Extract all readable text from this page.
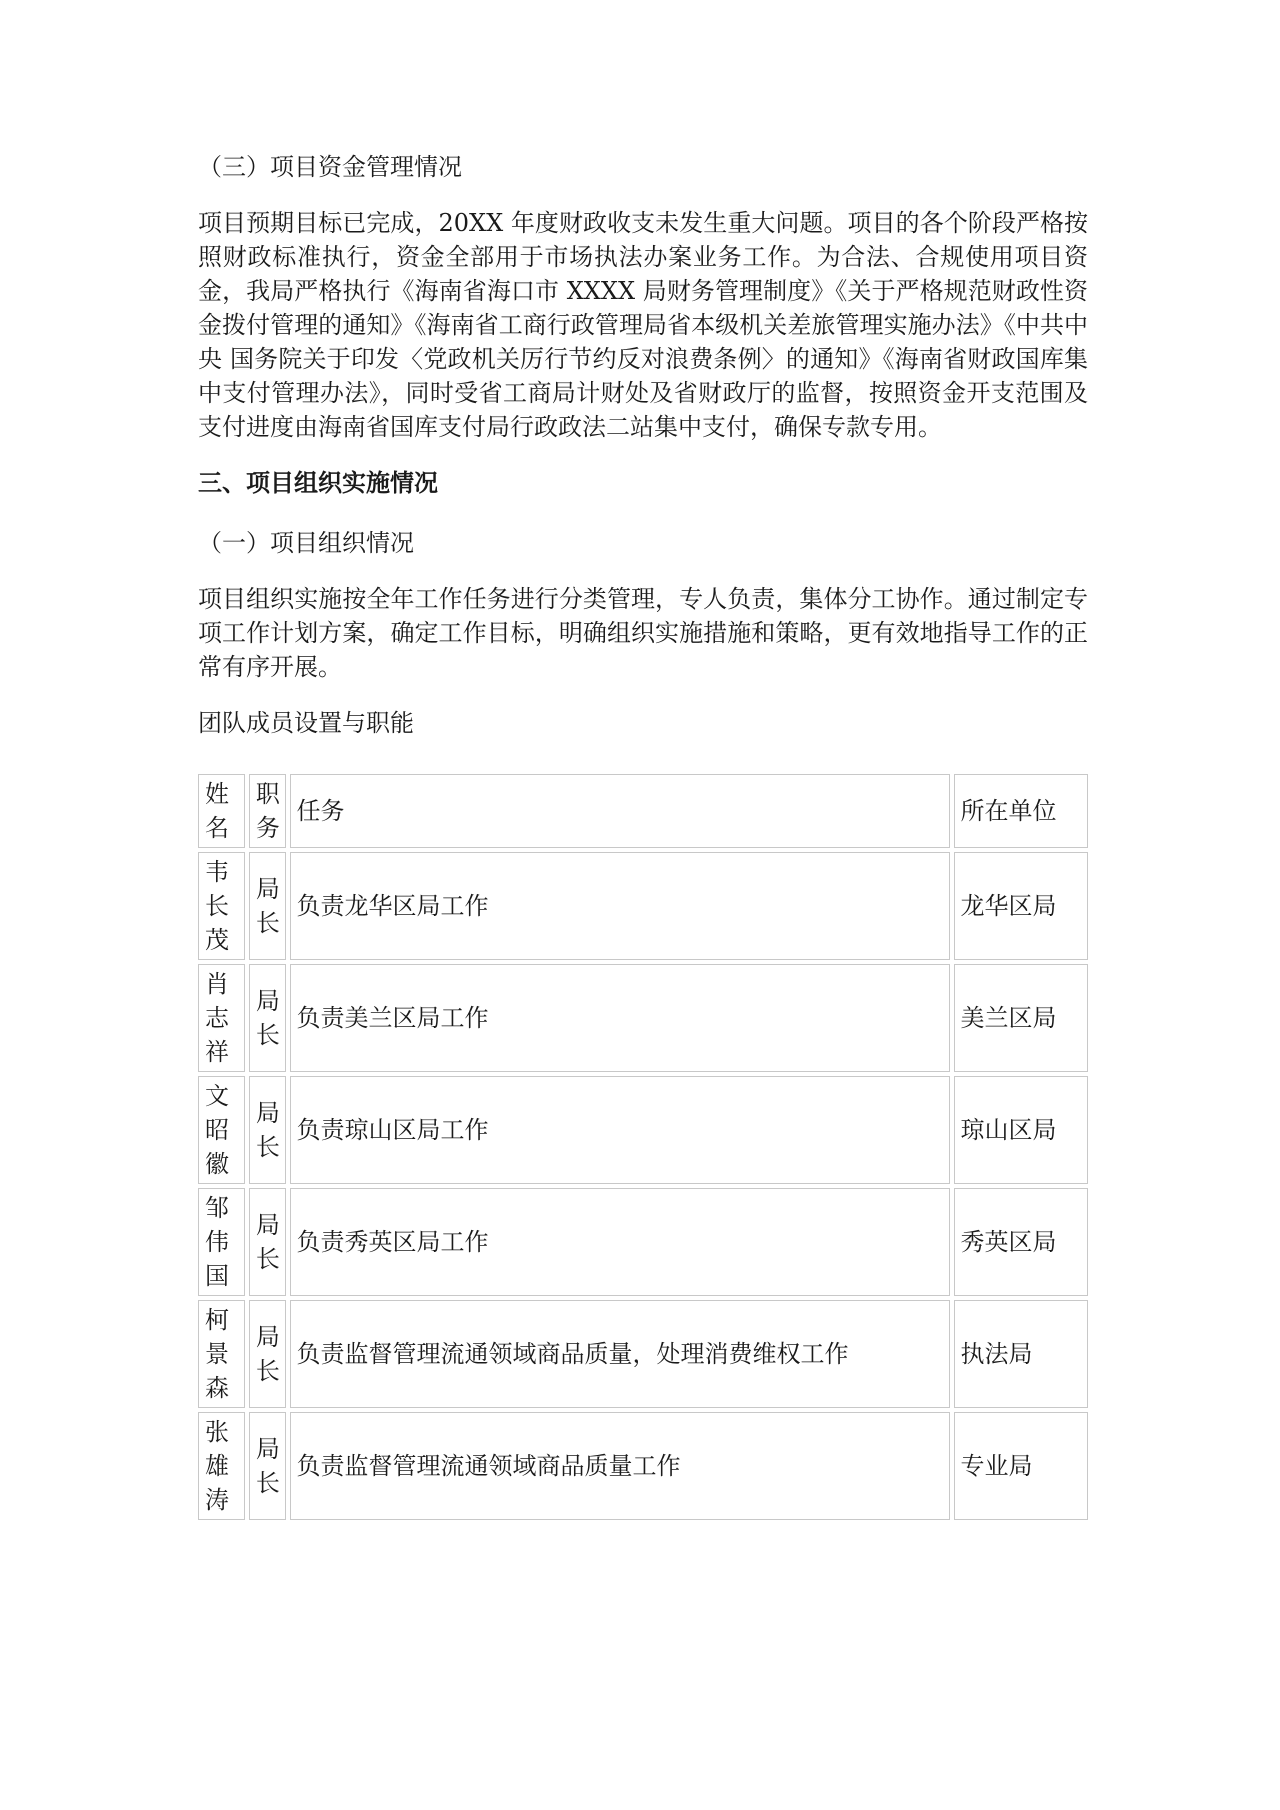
（三）项目资金管理情况

项目预期目标已完成，20XX 年度财政收支未发生重大问题。项目的各个阶段严格按照财政标准执行，资金全部用于市场执法办案业务工作。为合法、合规使用项目资金，我局严格执行《海南省海口市 XXXX 局财务管理制度》《关于严格规范财政性资金拨付管理的通知》《海南省工商行政管理局省本级机关差旅管理实施办法》《中共中央 国务院关于印发〈党政机关厉行节约反对浪费条例〉的通知》《海南省财政国库集中支付管理办法》，同时受省工商局计财处及省财政厅的监督，按照资金开支范围及支付进度由海南省国库支付局行政政法二站集中支付，确保专款专用。

三、项目组织实施情况
（一）项目组织情况

项目组织实施按全年工作任务进行分类管理，专人负责，集体分工协作。通过制定专项工作计划方案，确定工作目标，明确组织实施措施和策略，更有效地指导工作的正常有序开展。

团队成员设置与职能

姓名	职务	任务	所在单位

韦长茂	局长	负责龙华区局工作	龙华区局

肖志祥	局长	负责美兰区局工作	美兰区局

文昭徽	局长	负责琼山区局工作	琼山区局

邹伟国	局长	负责秀英区局工作	秀英区局

柯景森	局长	负责监督管理流通领域商品质量，处理消费维权工作	执法局

张雄涛	局长	负责监督管理流通领域商品质量工作	专业局
